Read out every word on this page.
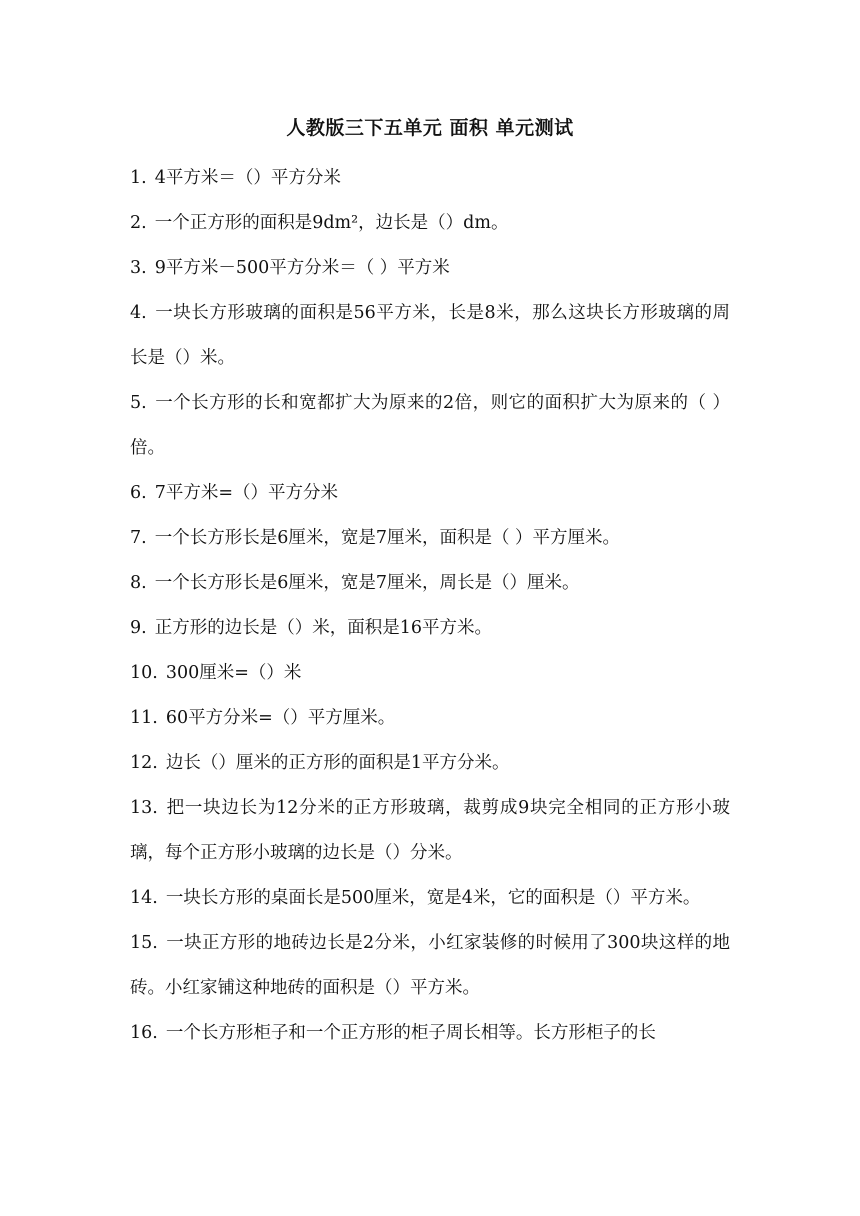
人教版三下五单元 面积 单元测试
1. 4平方米＝（）平方分米
2. 一个正方形的面积是9dm²，边长是（）dm。
3. 9平方米－500平方分米＝（ ）平方米
4. 一块长方形玻璃的面积是56平方米，长是8米，那么这块长方形玻璃的周长是（）米。
5. 一个长方形的长和宽都扩大为原来的2倍，则它的面积扩大为原来的（ ）倍。
6. 7平方米=（）平方分米
7. 一个长方形长是6厘米，宽是7厘米，面积是（ ）平方厘米。
8. 一个长方形长是6厘米，宽是7厘米，周长是（）厘米。
9. 正方形的边长是（）米，面积是16平方米。
10. 300厘米=（）米
11. 60平方分米=（）平方厘米。
12. 边长（）厘米的正方形的面积是1平方分米。
13. 把一块边长为12分米的正方形玻璃，裁剪成9块完全相同的正方形小玻璃，每个正方形小玻璃的边长是（）分米。
14. 一块长方形的桌面长是500厘米，宽是4米，它的面积是（）平方米。
15. 一块正方形的地砖边长是2分米，小红家装修的时候用了300块这样的地砖。小红家铺这种地砖的面积是（）平方米。
16. 一个长方形柜子和一个正方形的柜子周长相等。长方形柜子的长
